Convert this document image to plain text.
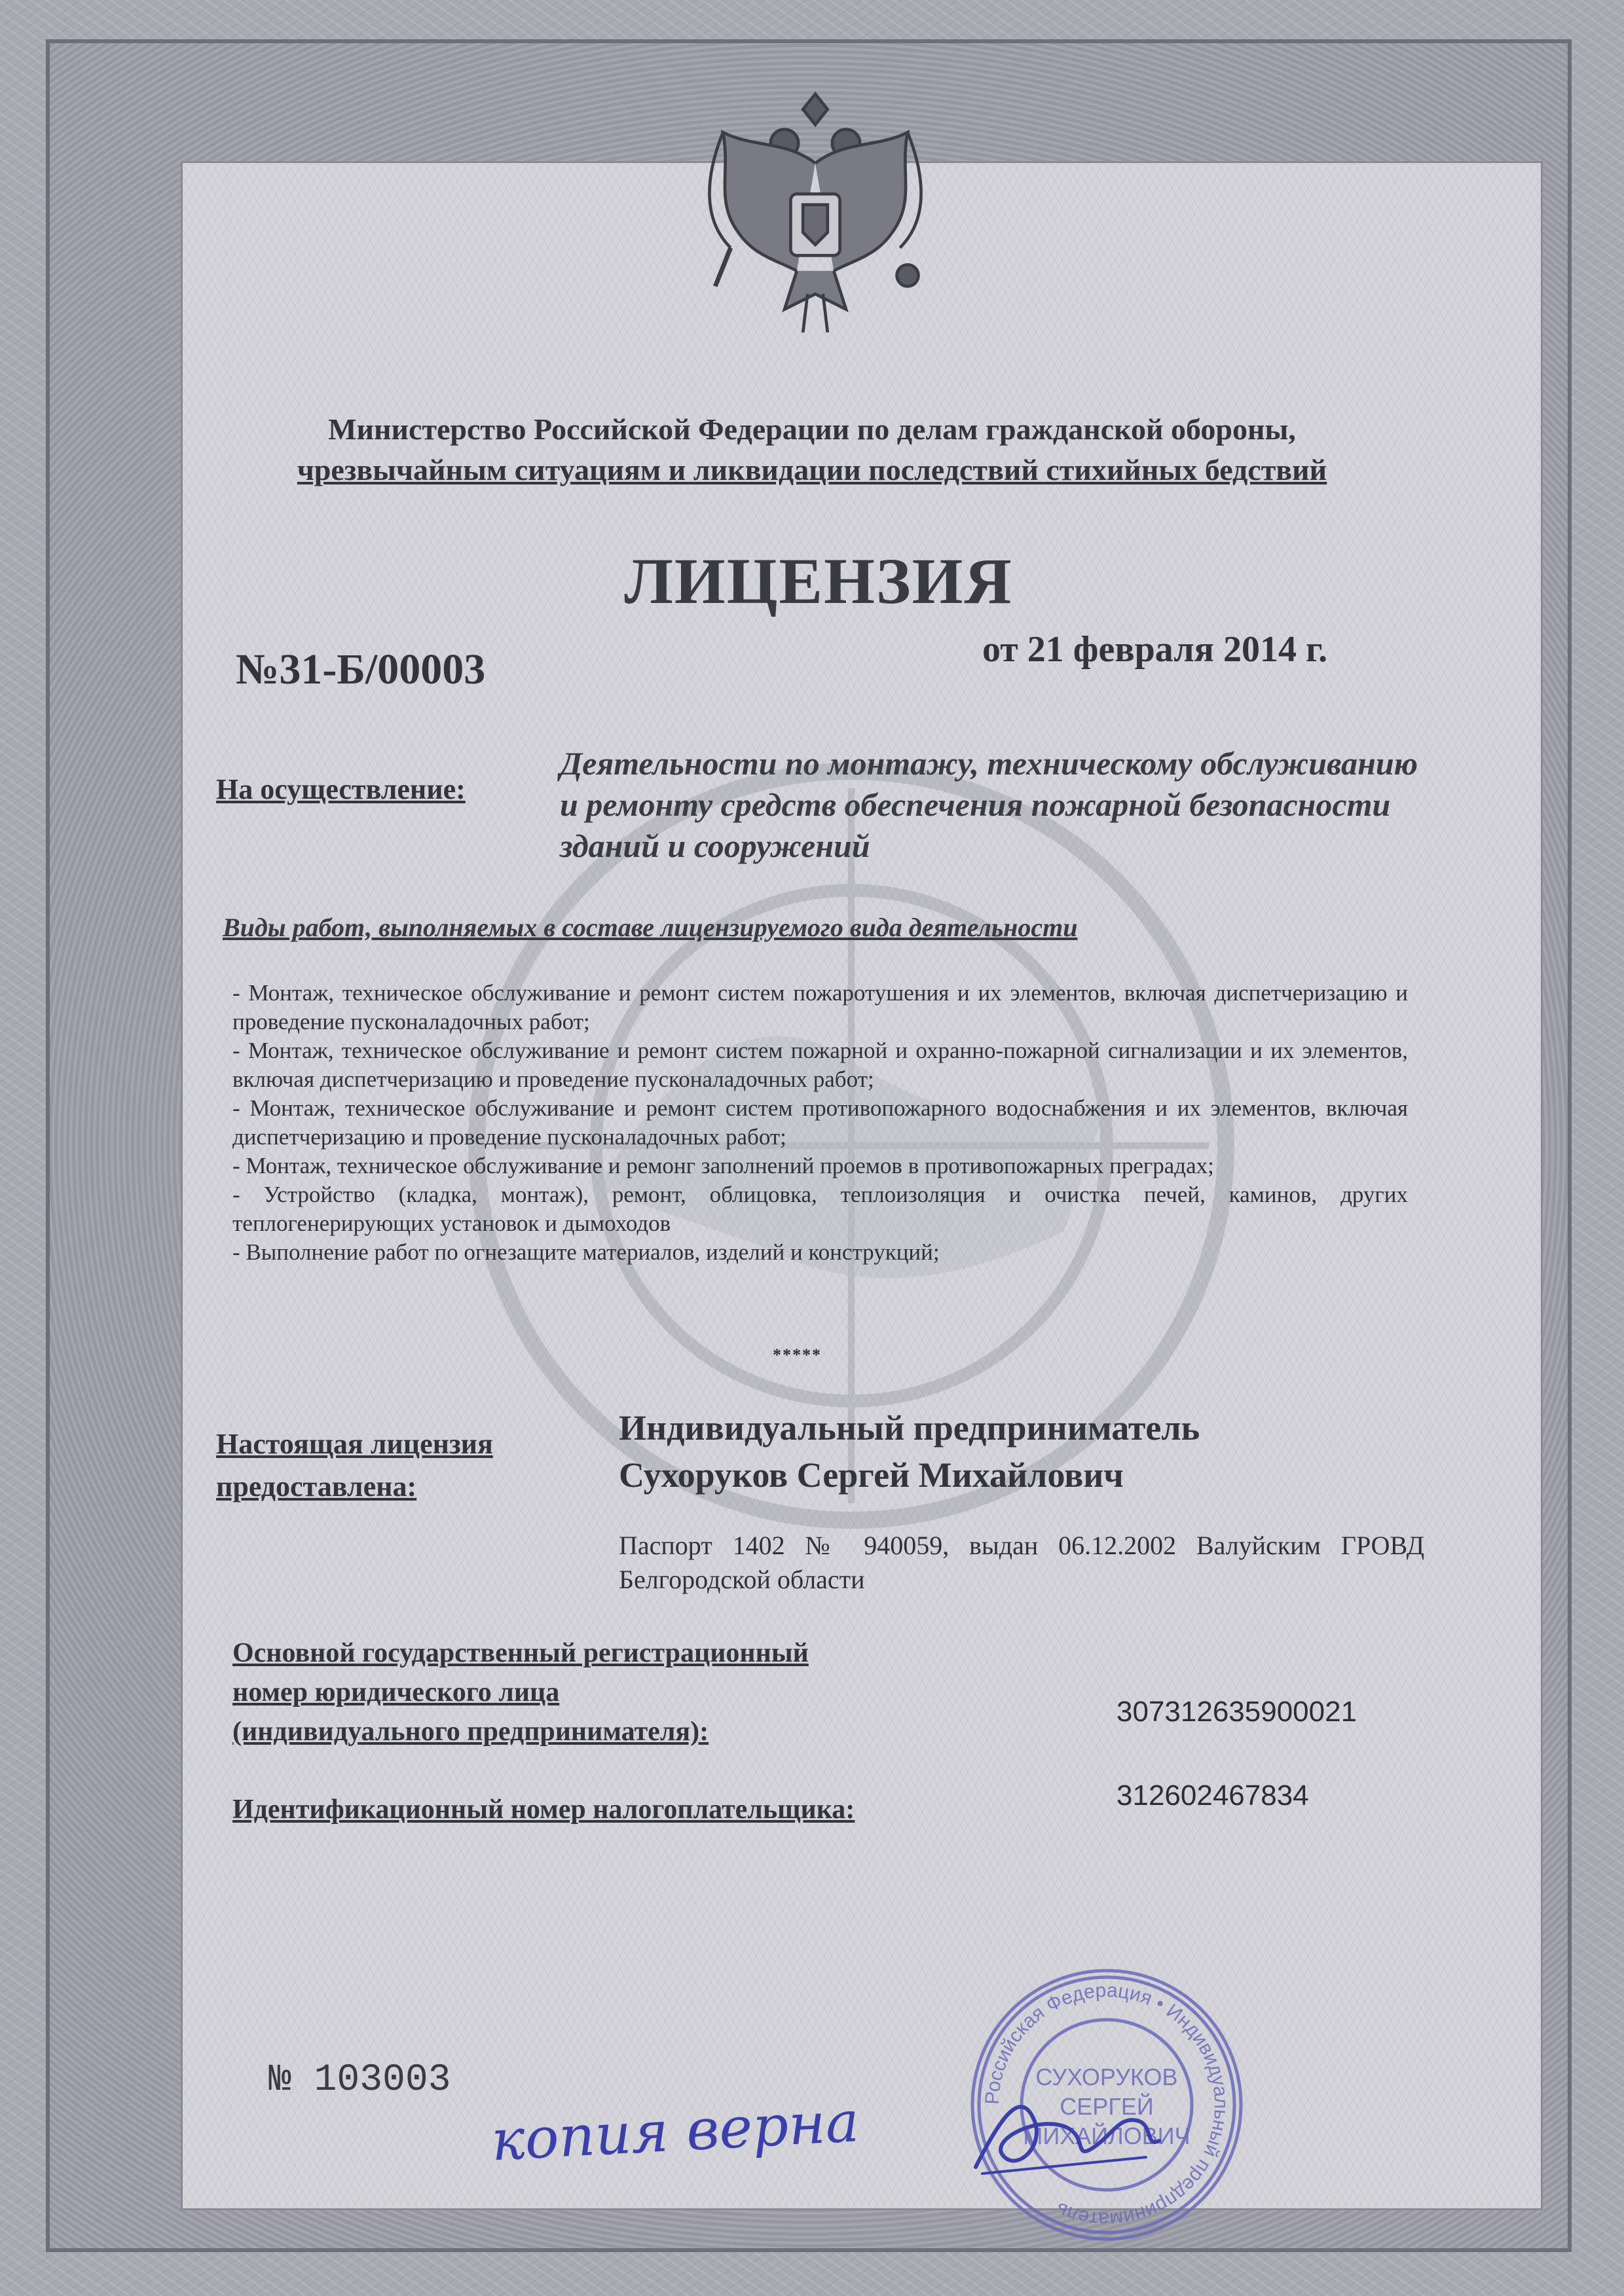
Министерство Российской Федерации по делам гражданской обороны,
чрезвычайным ситуациям и ликвидации последствий стихийных бедствий
ЛИЦЕНЗИЯ
№31-Б/00003	от 21 февраля 2014 г.
На осуществление:
Деятельности по монтажу, техническому обслуживанию и ремонту средств обеспечения пожарной безопасности зданий и сооружений
Виды работ, выполняемых в составе лицензируемого вида деятельности

- Монтаж, техническое обслуживание и ремонт систем пожаротушения и их элементов, включая диспетчеризацию и проведение пусконаладочных работ;

- Монтаж, техническое обслуживание и ремонт систем пожарной и охранно-пожарной сигнализации и их элементов, включая диспетчеризацию и проведение пусконаладочных работ;

- Монтаж, техническое обслуживание и ремонт систем противопожарного водоснабжения и их элементов, включая диспетчеризацию и проведение пусконаладочных работ;

- Монтаж, техническое обслуживание и ремонг заполнений проемов в противопожарных преградах;

- Устройство (кладка, монтаж), ремонт, облицовка, теплоизоляция и очистка печей, каминов, других теплогенерирующих установок и дымоходов

- Выполнение работ по огнезащите материалов, изделий и конструкций;

*****
Настоящая лицензия
предоставлена:
Индивидуальный предприниматель
Сухоруков Сергей Михайлович
Паспорт 1402 № 940059, выдан 06.12.2002 Валуйским ГРОВД Белгородской области
Основной государственный регистрационный
номер юридического лица
(индивидуального предпринимателя):
307312635900021
Идентификационный номер налогоплательщика:	312602467834
№ 103003
копия верна	Российская Федерация • Индивидуальный предприниматель
СУХОРУКОВ
СЕРГЕЙ
МИХАЙЛОВИЧ
